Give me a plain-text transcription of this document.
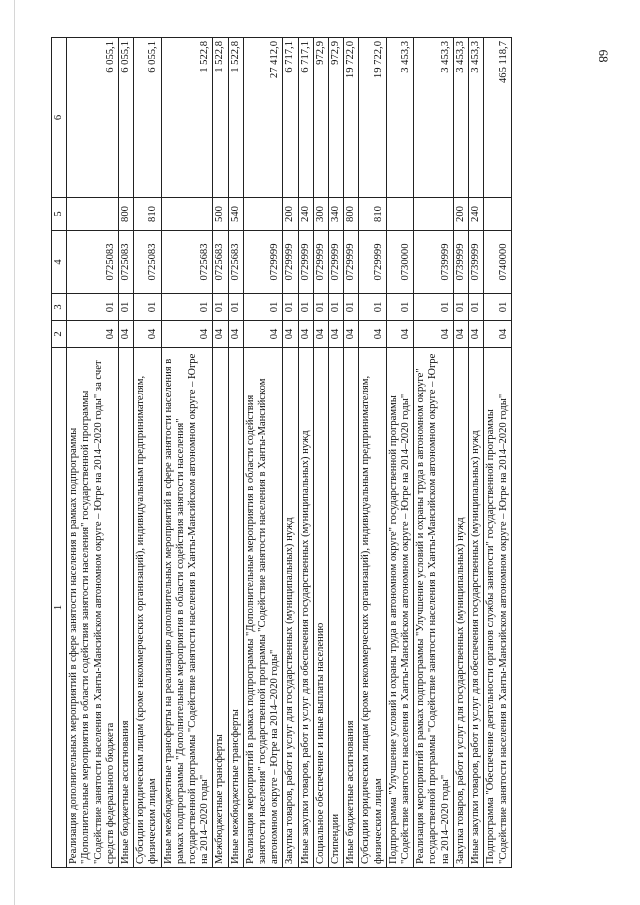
68
1	2	3	4	5	6
Реализация дополнительных мероприятий в сфере занятости населения в рамках подпрограммы "Дополнительные мероприятия в области содействия занятости населения" государственной программы "Содействие занятости населения в Ханты-Мансийском автономном округе – Югре на 2014–2020 годы" за счет средств федерального бюджета	04	01	0725083		6 055,1
Иные бюджетные ассигнования	04	01	0725083	800	6 055,1
Субсидии юридическим лицам (кроме некоммерческих организаций), индивидуальным предпринимателям, физическим лицам	04	01	0725083	810	6 055,1
Иные межбюджетные трансферты на реализацию дополнительных мероприятий в сфере занятости населения в рамках подпрограммы "Дополнительные мероприятия в области содействия занятости населения" государственной программы "Содействие занятости населения в Ханты-Мансийском автономном округе – Югре на 2014–2020 годы"	04	01	0725683		1 522,8
Межбюджетные трансферты	04	01	0725683	500	1 522,8
Иные межбюджетные трансферты	04	01	0725683	540	1 522,8
Реализация мероприятий в рамках подпрограммы "Дополнительные мероприятия в области содействия занятости населения" государственной программы "Содействие занятости населения в Ханты-Мансийском автономном округе – Югре на 2014–2020 годы"	04	01	0729999		27 412,0
Закупка товаров, работ и услуг для государственных (муниципальных) нужд	04	01	0729999	200	6 717,1
Иные закупки товаров, работ и услуг для обеспечения государственных (муниципальных) нужд	04	01	0729999	240	6 717,1
Социальное обеспечение и иные выплаты населению	04	01	0729999	300	972,9
Стипендии	04	01	0729999	340	972,9
Иные бюджетные ассигнования	04	01	0729999	800	19 722,0
Субсидии юридическим лицам (кроме некоммерческих организаций), индивидуальным предпринимателям, физическим лицам	04	01	0729999	810	19 722,0
Подпрограмма "Улучшение условий и охраны труда в автономном округе" государственной программы "Содействие занятости населения в Ханты-Мансийском автономном округе – Югре на 2014–2020 годы"	04	01	0730000		3 453,3
Реализация мероприятий в рамках подпрограммы "Улучшение условий и охраны труда в автономном округе" государственной программы "Содействие занятости населения в Ханты-Мансийском автономном округе – Югре на 2014–2020 годы"	04	01	0739999		3 453,3
Закупка товаров, работ и услуг для государственных (муниципальных) нужд	04	01	0739999	200	3 453,3
Иные закупки товаров, работ и услуг для обеспечения государственных (муниципальных) нужд	04	01	0739999	240	3 453,3
Подпрограмма "Обеспечение деятельности органов службы занятости" государственной программы "Содействие занятости населения в Ханты-Мансийском автономном округе – Югре на 2014–2020 годы"	04	01	0740000		465 118,7
